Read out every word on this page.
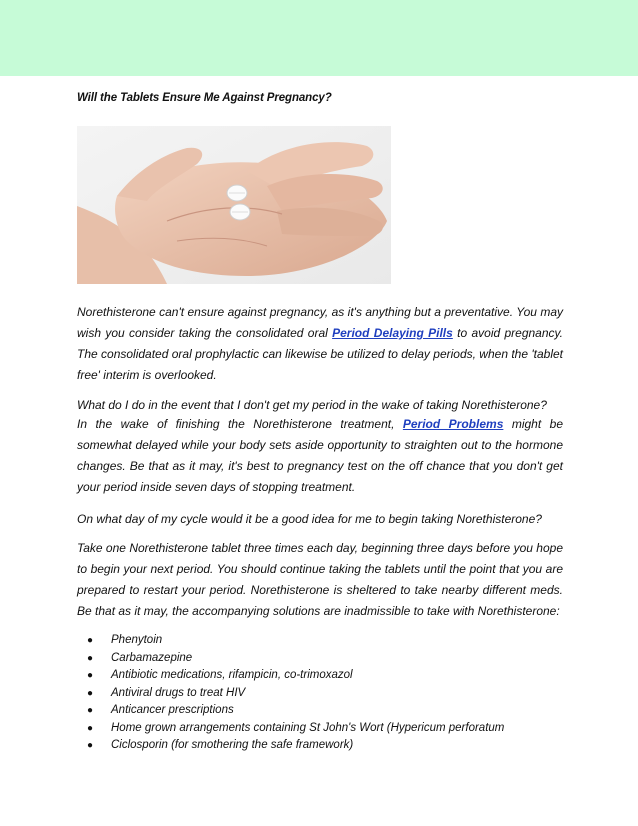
Will the Tablets Ensure Me Against Pregnancy?

Norethisterone can't ensure against pregnancy, as it's anything but a preventative. You may wish you consider taking the consolidated oral Period Delaying Pills to avoid pregnancy. The consolidated oral prophylactic can likewise be utilized to delay periods, when the 'tablet free' interim is overlooked.

What do I do in the event that I don't get my period in the wake of taking Norethisterone?

In the wake of finishing the Norethisterone treatment, Period Problems might be somewhat delayed while your body sets aside opportunity to straighten out to the hormone changes. Be that as it may, it's best to pregnancy test on the off chance that you don't get your period inside seven days of stopping treatment.

On what day of my cycle would it be a good idea for me to begin taking Norethisterone?

Take one Norethisterone tablet three times each day, beginning three days before you hope to begin your next period. You should continue taking the tablets until the point that you are prepared to restart your period. Norethisterone is sheltered to take nearby different meds. Be that as it may, the accompanying solutions are inadmissible to take with Norethisterone:

● Phenytoin
● Carbamazepine
● Antibiotic medications, rifampicin, co-trimoxazol
● Antiviral drugs to treat HIV
● Anticancer prescriptions
● Home grown arrangements containing St John's Wort (Hypericum perforatum
● Ciclosporin (for smothering the safe framework)
